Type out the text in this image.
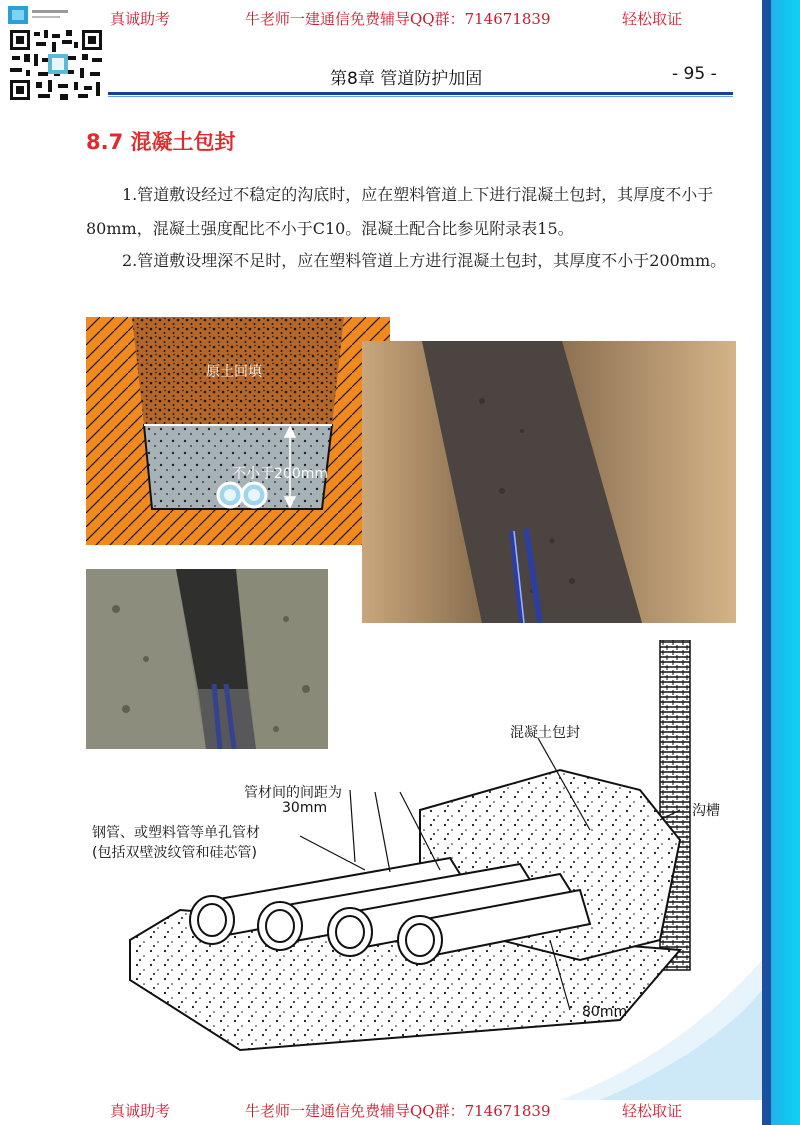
真诚助考	牛老师一建通信免费辅导QQ群：714671839	轻松取证
第8章 管道防护加固	- 95 -
8.7 混凝土包封
1.管道敷设经过不稳定的沟底时，应在塑料管道上下进行混凝土包封，其厚度不小于80mm，混凝土强度配比不小于C10。混凝土配合比参见附录表15。
2.管道敷设埋深不足时，应在塑料管道上方进行混凝土包封，其厚度不小于200mm。
原土回填
不小于200mm
混凝土包封
管材间的间距为
30mm
钢管、或塑料管等单孔管材
(包括双壁波纹管和硅芯管)
沟槽
80mm
真诚助考	牛老师一建通信免费辅导QQ群：714671839	轻松取证
